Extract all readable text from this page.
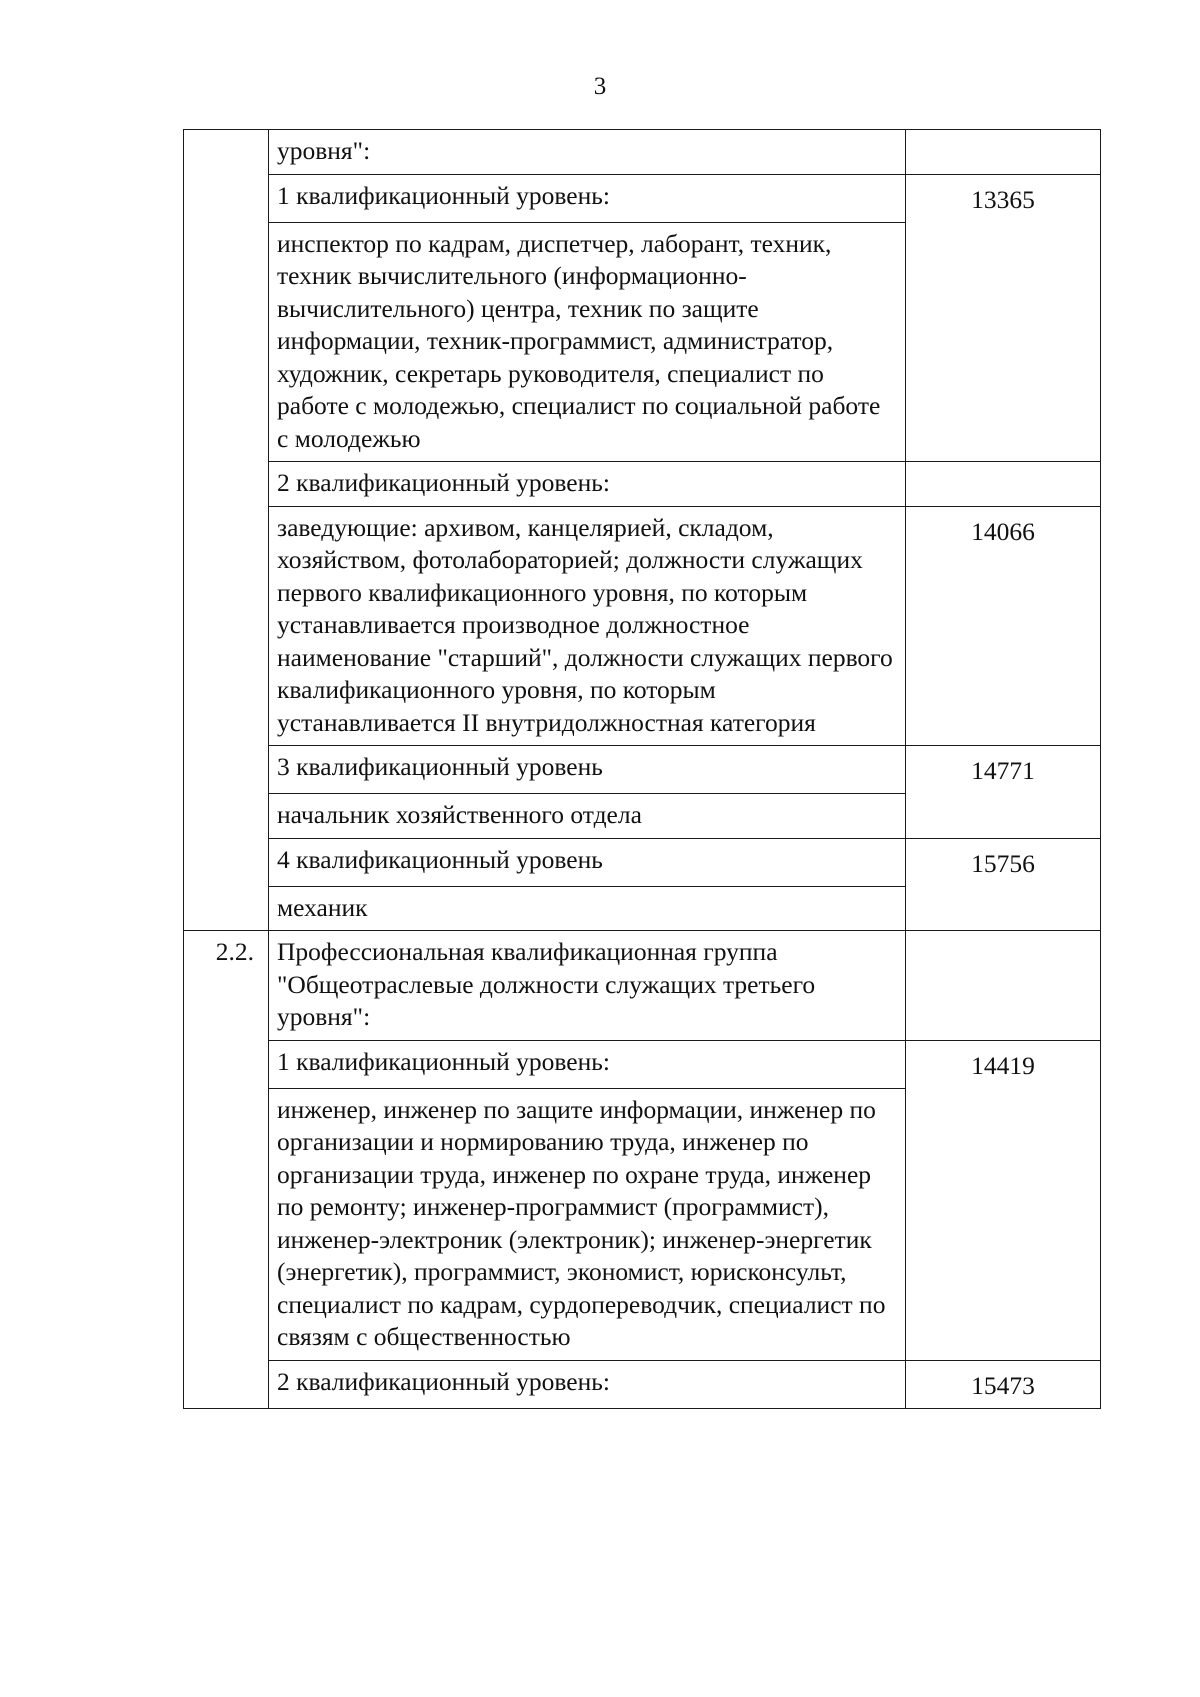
3
	уровня":	
	1 квалификационный уровень:	13365
	инспектор по кадрам, диспетчер, лаборант, техник, техник вычислительного (информационно-вычислительного) центра, техник по защите информации, техник-программист, администратор, художник, секретарь руководителя, специалист по работе с молодежью, специалист по социальной работе с молодежью	
	2 квалификационный уровень:	
	заведующие: архивом, канцелярией, складом, хозяйством, фотолабораторией; должности служащих первого квалификационного уровня, по которым устанавливается производное должностное наименование "старший", должности служащих первого квалификационного уровня, по которым устанавливается II внутридолжностная категория	14066
	3 квалификационный уровень	14771
	начальник хозяйственного отдела	
	4 квалификационный уровень	15756
	механик	
2.2.	Профессиональная квалификационная группа "Общеотраслевые должности служащих третьего уровня":	
	1 квалификационный уровень:	14419
	инженер, инженер по защите информации, инженер по организации и нормированию труда, инженер по организации труда, инженер по охране труда, инженер по ремонту; инженер-программист (программист), инженер-электроник (электроник); инженер-энергетик (энергетик), программист, экономист, юрисконсульт, специалист по кадрам, сурдопереводчик, специалист по связям с общественностью	
	2 квалификационный уровень:	15473
